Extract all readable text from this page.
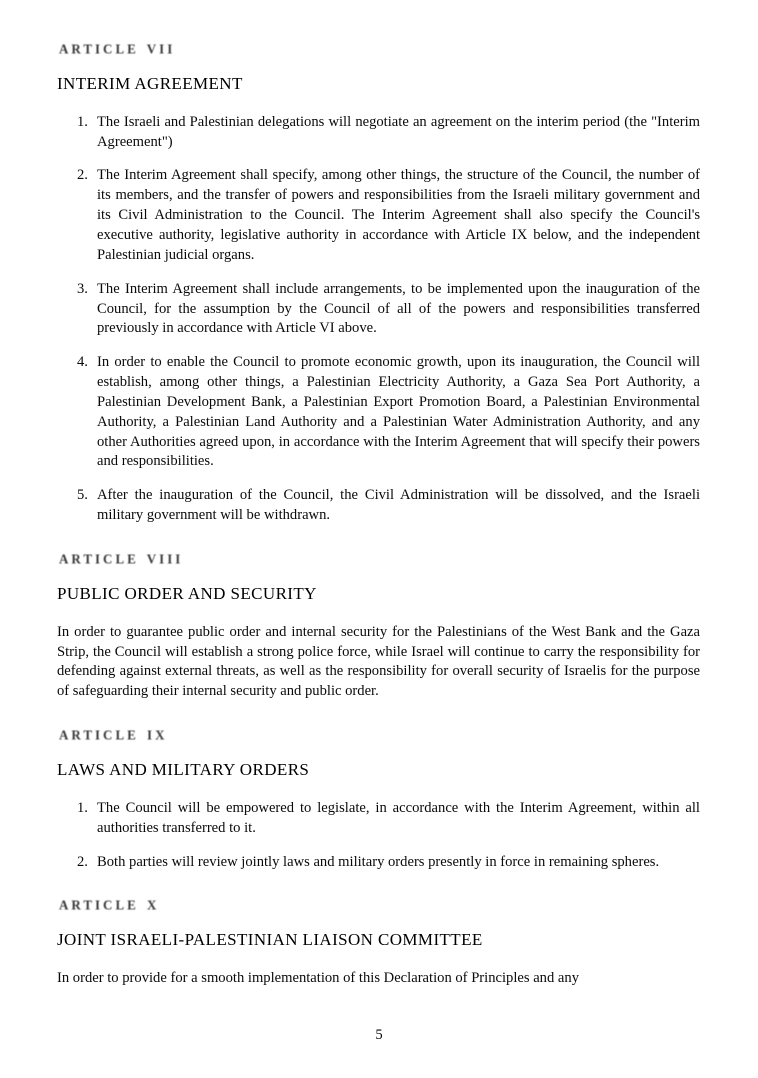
ARTICLE VII
INTERIM AGREEMENT
1. The Israeli and Palestinian delegations will negotiate an agreement on the interim period (the "Interim Agreement")
2. The Interim Agreement shall specify, among other things, the structure of the Council, the number of its members, and the transfer of powers and responsibilities from the Israeli military government and its Civil Administration to the Council. The Interim Agreement shall also specify the Council's executive authority, legislative authority in accordance with Article IX below, and the independent Palestinian judicial organs.
3. The Interim Agreement shall include arrangements, to be implemented upon the inauguration of the Council, for the assumption by the Council of all of the powers and responsibilities transferred previously in accordance with Article VI above.
4. In order to enable the Council to promote economic growth, upon its inauguration, the Council will establish, among other things, a Palestinian Electricity Authority, a Gaza Sea Port Authority, a Palestinian Development Bank, a Palestinian Export Promotion Board, a Palestinian Environmental Authority, a Palestinian Land Authority and a Palestinian Water Administration Authority, and any other Authorities agreed upon, in accordance with the Interim Agreement that will specify their powers and responsibilities.
5. After the inauguration of the Council, the Civil Administration will be dissolved, and the Israeli military government will be withdrawn.
ARTICLE VIII
PUBLIC ORDER AND SECURITY

In order to guarantee public order and internal security for the Palestinians of the West Bank and the Gaza Strip, the Council will establish a strong police force, while Israel will continue to carry the responsibility for defending against external threats, as well as the responsibility for overall security of Israelis for the purpose of safeguarding their internal security and public order.

ARTICLE IX
LAWS AND MILITARY ORDERS
1. The Council will be empowered to legislate, in accordance with the Interim Agreement, within all authorities transferred to it.
2. Both parties will review jointly laws and military orders presently in force in remaining spheres.
ARTICLE X
JOINT ISRAELI-PALESTINIAN LIAISON COMMITTEE

In order to provide for a smooth implementation of this Declaration of Principles and any

5
